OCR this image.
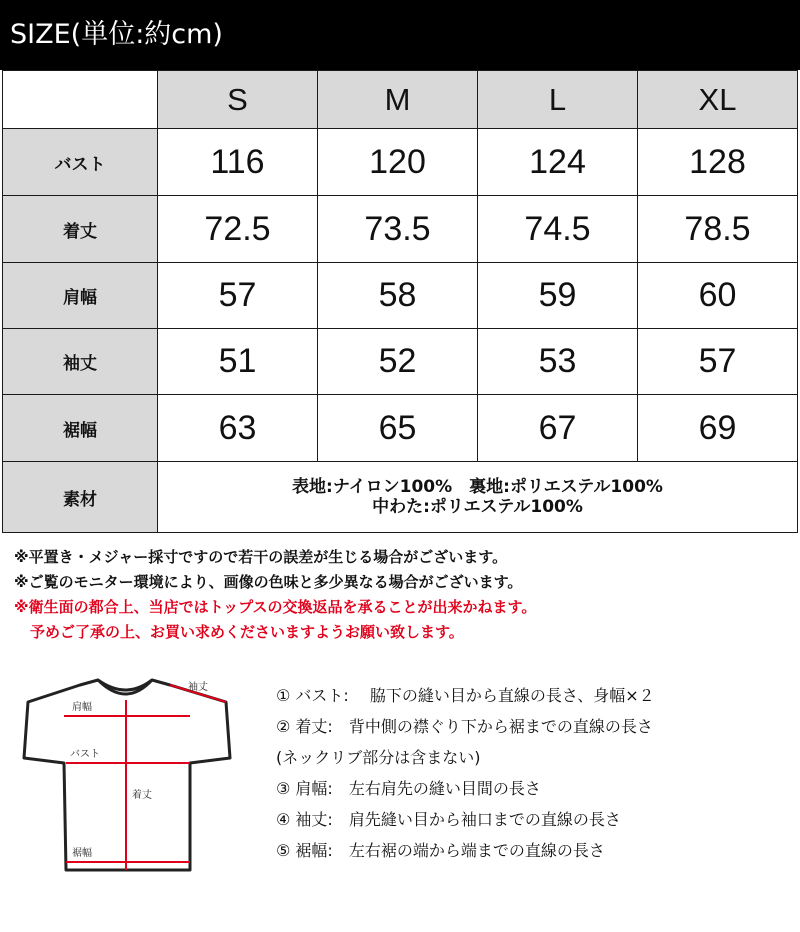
SIZE(単位:約cm)
	S	M	L	XL
バスト	116	120	124	128
着丈	72.5	73.5	74.5	78.5
肩幅	57	58	59	60
袖丈	51	52	53	57
裾幅	63	65	67	69
素材	表地:ナイロン100%　裏地:ポリエステル100%
中わた:ポリエステル100%			
※平置き・メジャー採寸ですので若干の誤差が生じる場合がございます。
※ご覧のモニター環境により、画像の色味と多少異なる場合がございます。
※衛生面の都合上、当店ではトップスの交換返品を承ることが出来かねます。
予めご了承の上、お買い求めくださいますようお願い致します。
肩幅
袖丈
バスト
着丈
裾幅
① バスト:　 脇下の縫い目から直線の長さ、身幅×２
② 着丈:　背中側の襟ぐり下から裾までの直線の長さ
(ネックリブ部分は含まない)
③ 肩幅:　左右肩先の縫い目間の長さ
④ 袖丈:　肩先縫い目から袖口までの直線の長さ
⑤ 裾幅:　左右裾の端から端までの直線の長さ
